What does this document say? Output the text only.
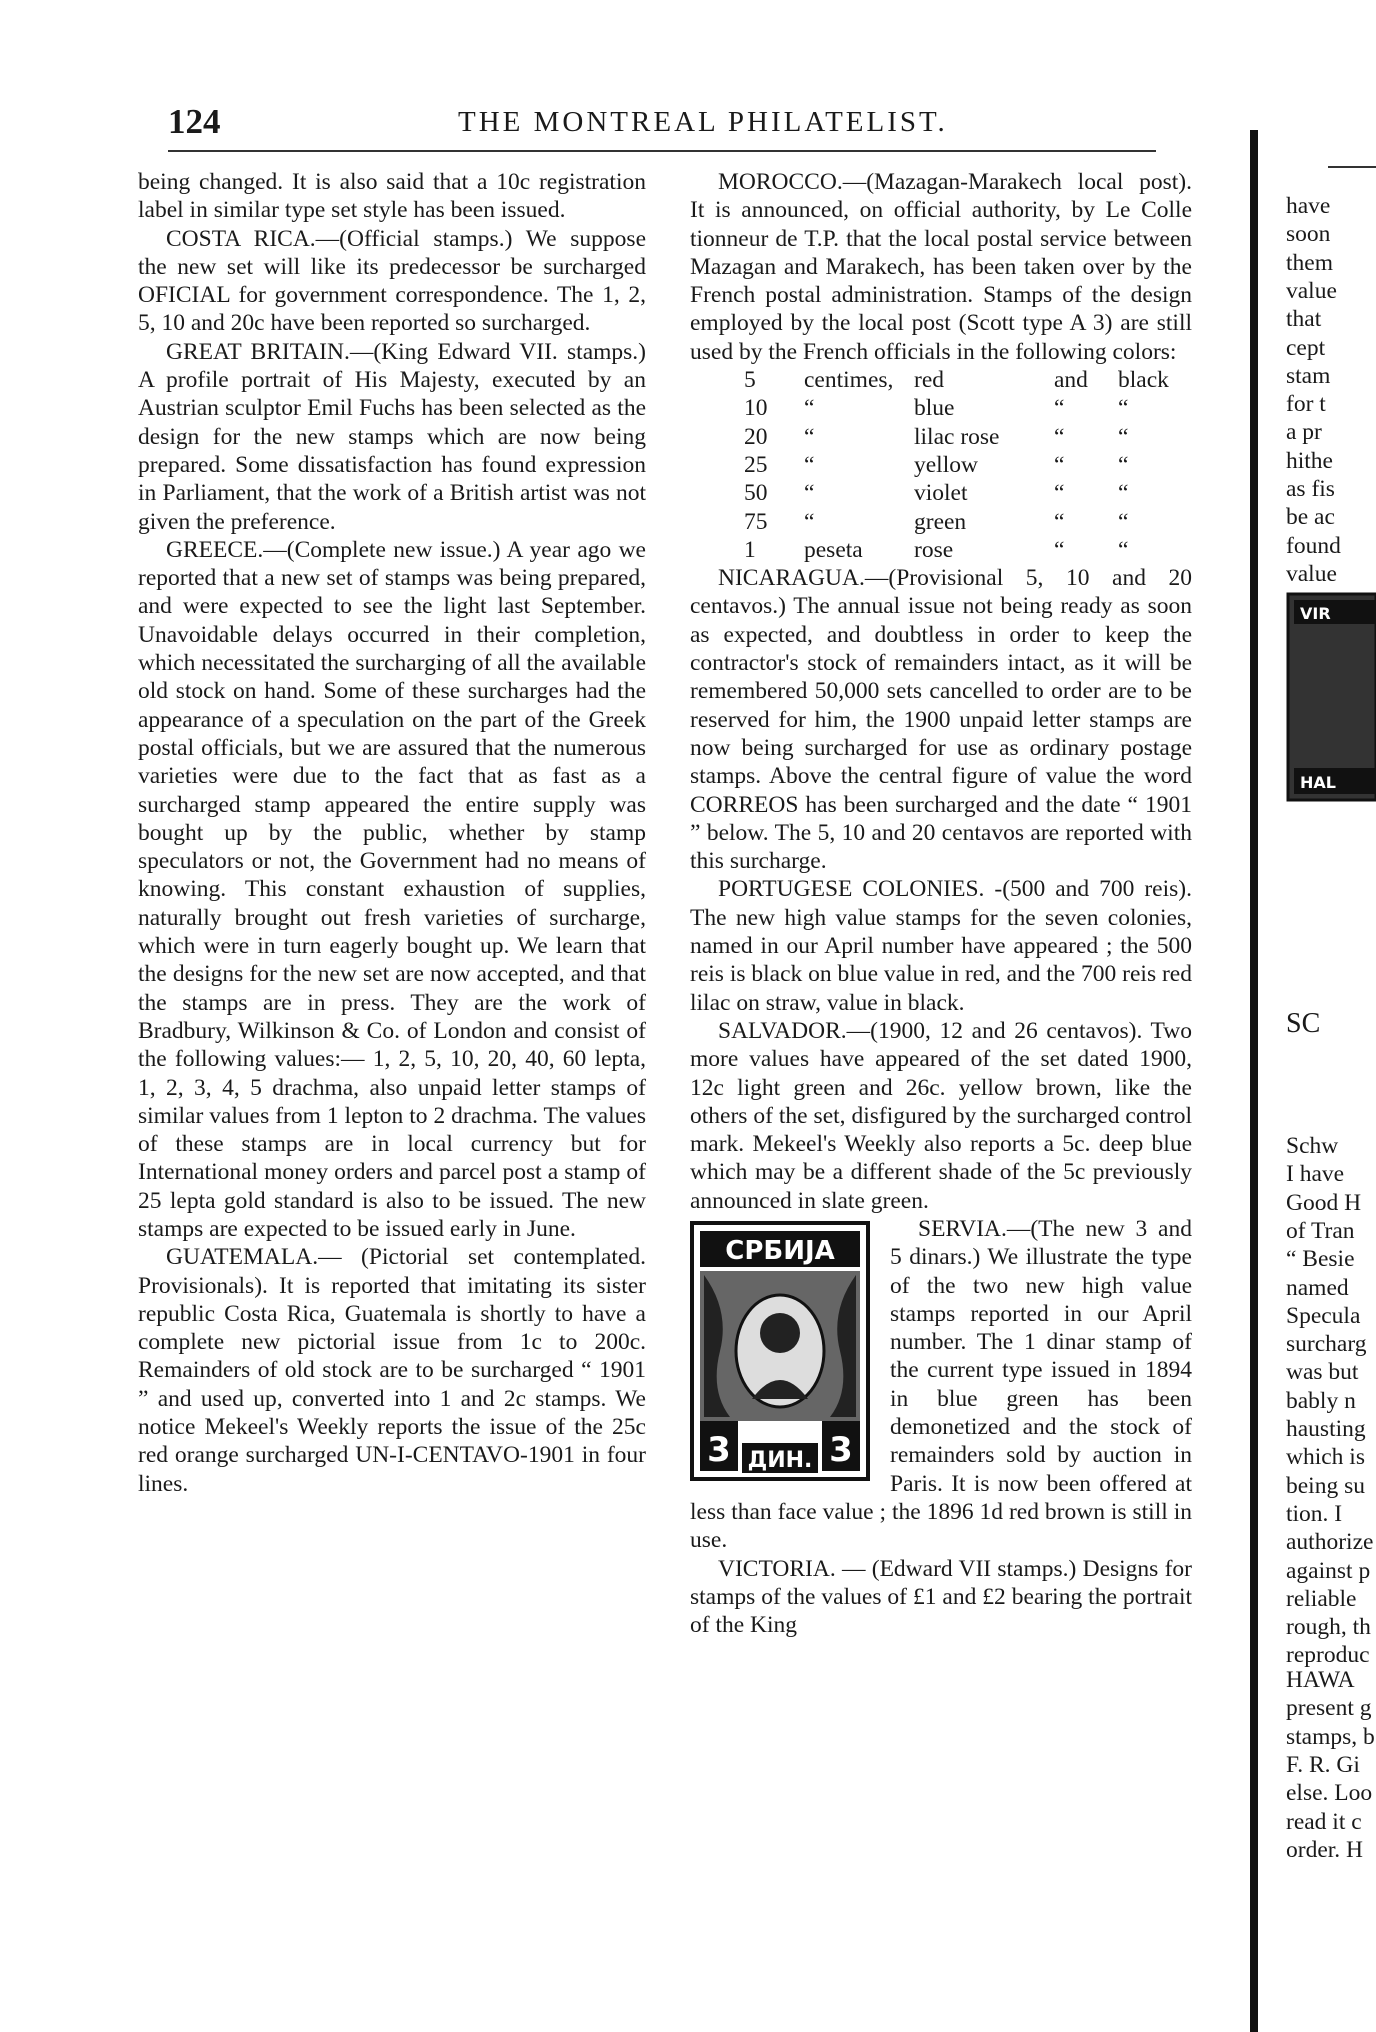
124	THE MONTREAL PHILATELIST.

being changed. It is also said that a 10c registration label in similar type set style has been issued.

COSTA RICA.—(Official stamps.) We suppose the new set will like its predecessor be surcharged OFICIAL for government correspondence. The 1, 2, 5, 10 and 20c have been reported so surcharged.

GREAT BRITAIN.—(King Edward VII. stamps.) A profile portrait of His Majesty, executed by an Austrian sculptor Emil Fuchs has been selected as the design for the new stamps which are now being prepared. Some dissatisfaction has found expression in Parliament, that the work of a British artist was not given the preference.

GREECE.—(Complete new issue.) A year ago we reported that a new set of stamps was being prepared, and were expected to see the light last September. Unavoidable delays occurred in their completion, which necessitated the surcharging of all the available old stock on hand. Some of these surcharges had the appearance of a speculation on the part of the Greek postal officials, but we are assured that the numerous varieties were due to the fact that as fast as a surcharged stamp appeared the entire supply was bought up by the public, whether by stamp speculators or not, the Government had no means of knowing. This constant exhaustion of supplies, naturally brought out fresh varieties of surcharge, which were in turn eagerly bought up. We learn that the designs for the new set are now accepted, and that the stamps are in press. They are the work of Bradbury, Wilkinson & Co. of London and consist of the following values:— 1, 2, 5, 10, 20, 40, 60 lepta, 1, 2, 3, 4, 5 drachma, also unpaid letter stamps of similar values from 1 lepton to 2 drachma. The values of these stamps are in local currency but for International money orders and parcel post a stamp of 25 lepta gold standard is also to be issued. The new stamps are expected to be issued early in June.

GUATEMALA.— (Pictorial set contemplated. Provisionals). It is reported that imitating its sister republic Costa Rica, Guatemala is shortly to have a complete new pictorial issue from 1c to 200c. Remainders of old stock are to be surcharged “ 1901 ” and used up, converted into 1 and 2c stamps. We notice Mekeel's Weekly reports the issue of the 25c red orange surcharged UN-I-CENTAVO-1901 in four lines.

MOROCCO.—(Mazagan-Marakech local post). It is announced, on official authority, by Le Colle tionneur de T.P. that the local postal service between Mazagan and Marakech, has been taken over by the French postal administration. Stamps of the design employed by the local post (Scott type A 3) are still used by the French officials in the following colors:

5	centimes, red	and	black
10	“	blue	“	“
20	“	lilac rose	“	“
25	“	yellow	“	“
50	“	violet	“	“
75	“	green	“	“
1	peseta	rose	“	“

NICARAGUA.—(Provisional 5, 10 and 20 centavos.) The annual issue not being ready as soon as expected, and doubtless in order to keep the contractor's stock of remainders intact, as it will be remembered 50,000 sets cancelled to order are to be reserved for him, the 1900 unpaid letter stamps are now being surcharged for use as ordinary postage stamps. Above the central figure of value the word CORREOS has been surcharged and the date “ 1901 ” below. The 5, 10 and 20 centavos are reported with this surcharge.

PORTUGESE COLONIES. -(500 and 700 reis). The new high value stamps for the seven colonies, named in our April number have appeared ; the 500 reis is black on blue value in red, and the 700 reis red lilac on straw, value in black.

SALVADOR.—(1900, 12 and 26 centavos). Two more values have appeared of the set dated 1900, 12c light green and 26c. yellow brown, like the others of the set, disfigured by the surcharged control mark. Mekeel's Weekly also reports a 5c. deep blue which may be a different shade of the 5c previously announced in slate green.

СРБИЈА
3	3
ДИН.

SERVIA.—(The new 3 and 5 dinars.) We illustrate the type of the two new high value stamps reported in our April number. The 1 dinar stamp of the current type issued in 1894 in blue green has been demonetized and the stock of remainders sold by auction in Paris. It is now been offered at less than face value ; the 1896 1d red brown is still in use.

VICTORIA. — (Edward VII stamps.) Designs for stamps of the values of £1 and £2 bearing the portrait of the King

have
soon
them
value
that
cept
stam
for t
a pr
hithe
as fis
be ac
found
value
VIR
HAL
SC
Schw
I have
Good H
of Tran
“ Besie
named
Specula
surcharg
was but
bably n
hausting
which is
being su
tion. I
authorize
against p
reliable
rough, th
reproduc
HAWA
present g
stamps, b
F. R. Gi
else. Loo
read it c
order. H
